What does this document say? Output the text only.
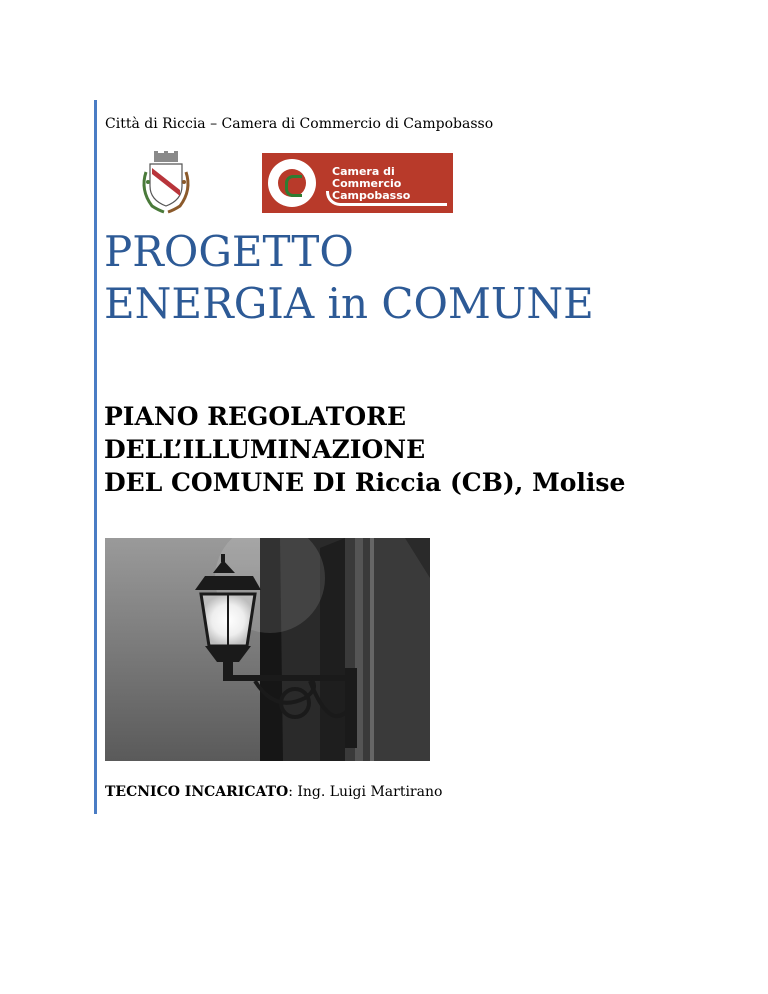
Città di Riccia – Camera di Commercio di Campobasso
Camera di Commercio
Campobasso
PROGETTO
ENERGIA in COMUNE
PIANO REGOLATORE
DELL’ILLUMINAZIONE
DEL COMUNE DI Riccia (CB), Molise
TECNICO INCARICATO: Ing. Luigi Martirano
